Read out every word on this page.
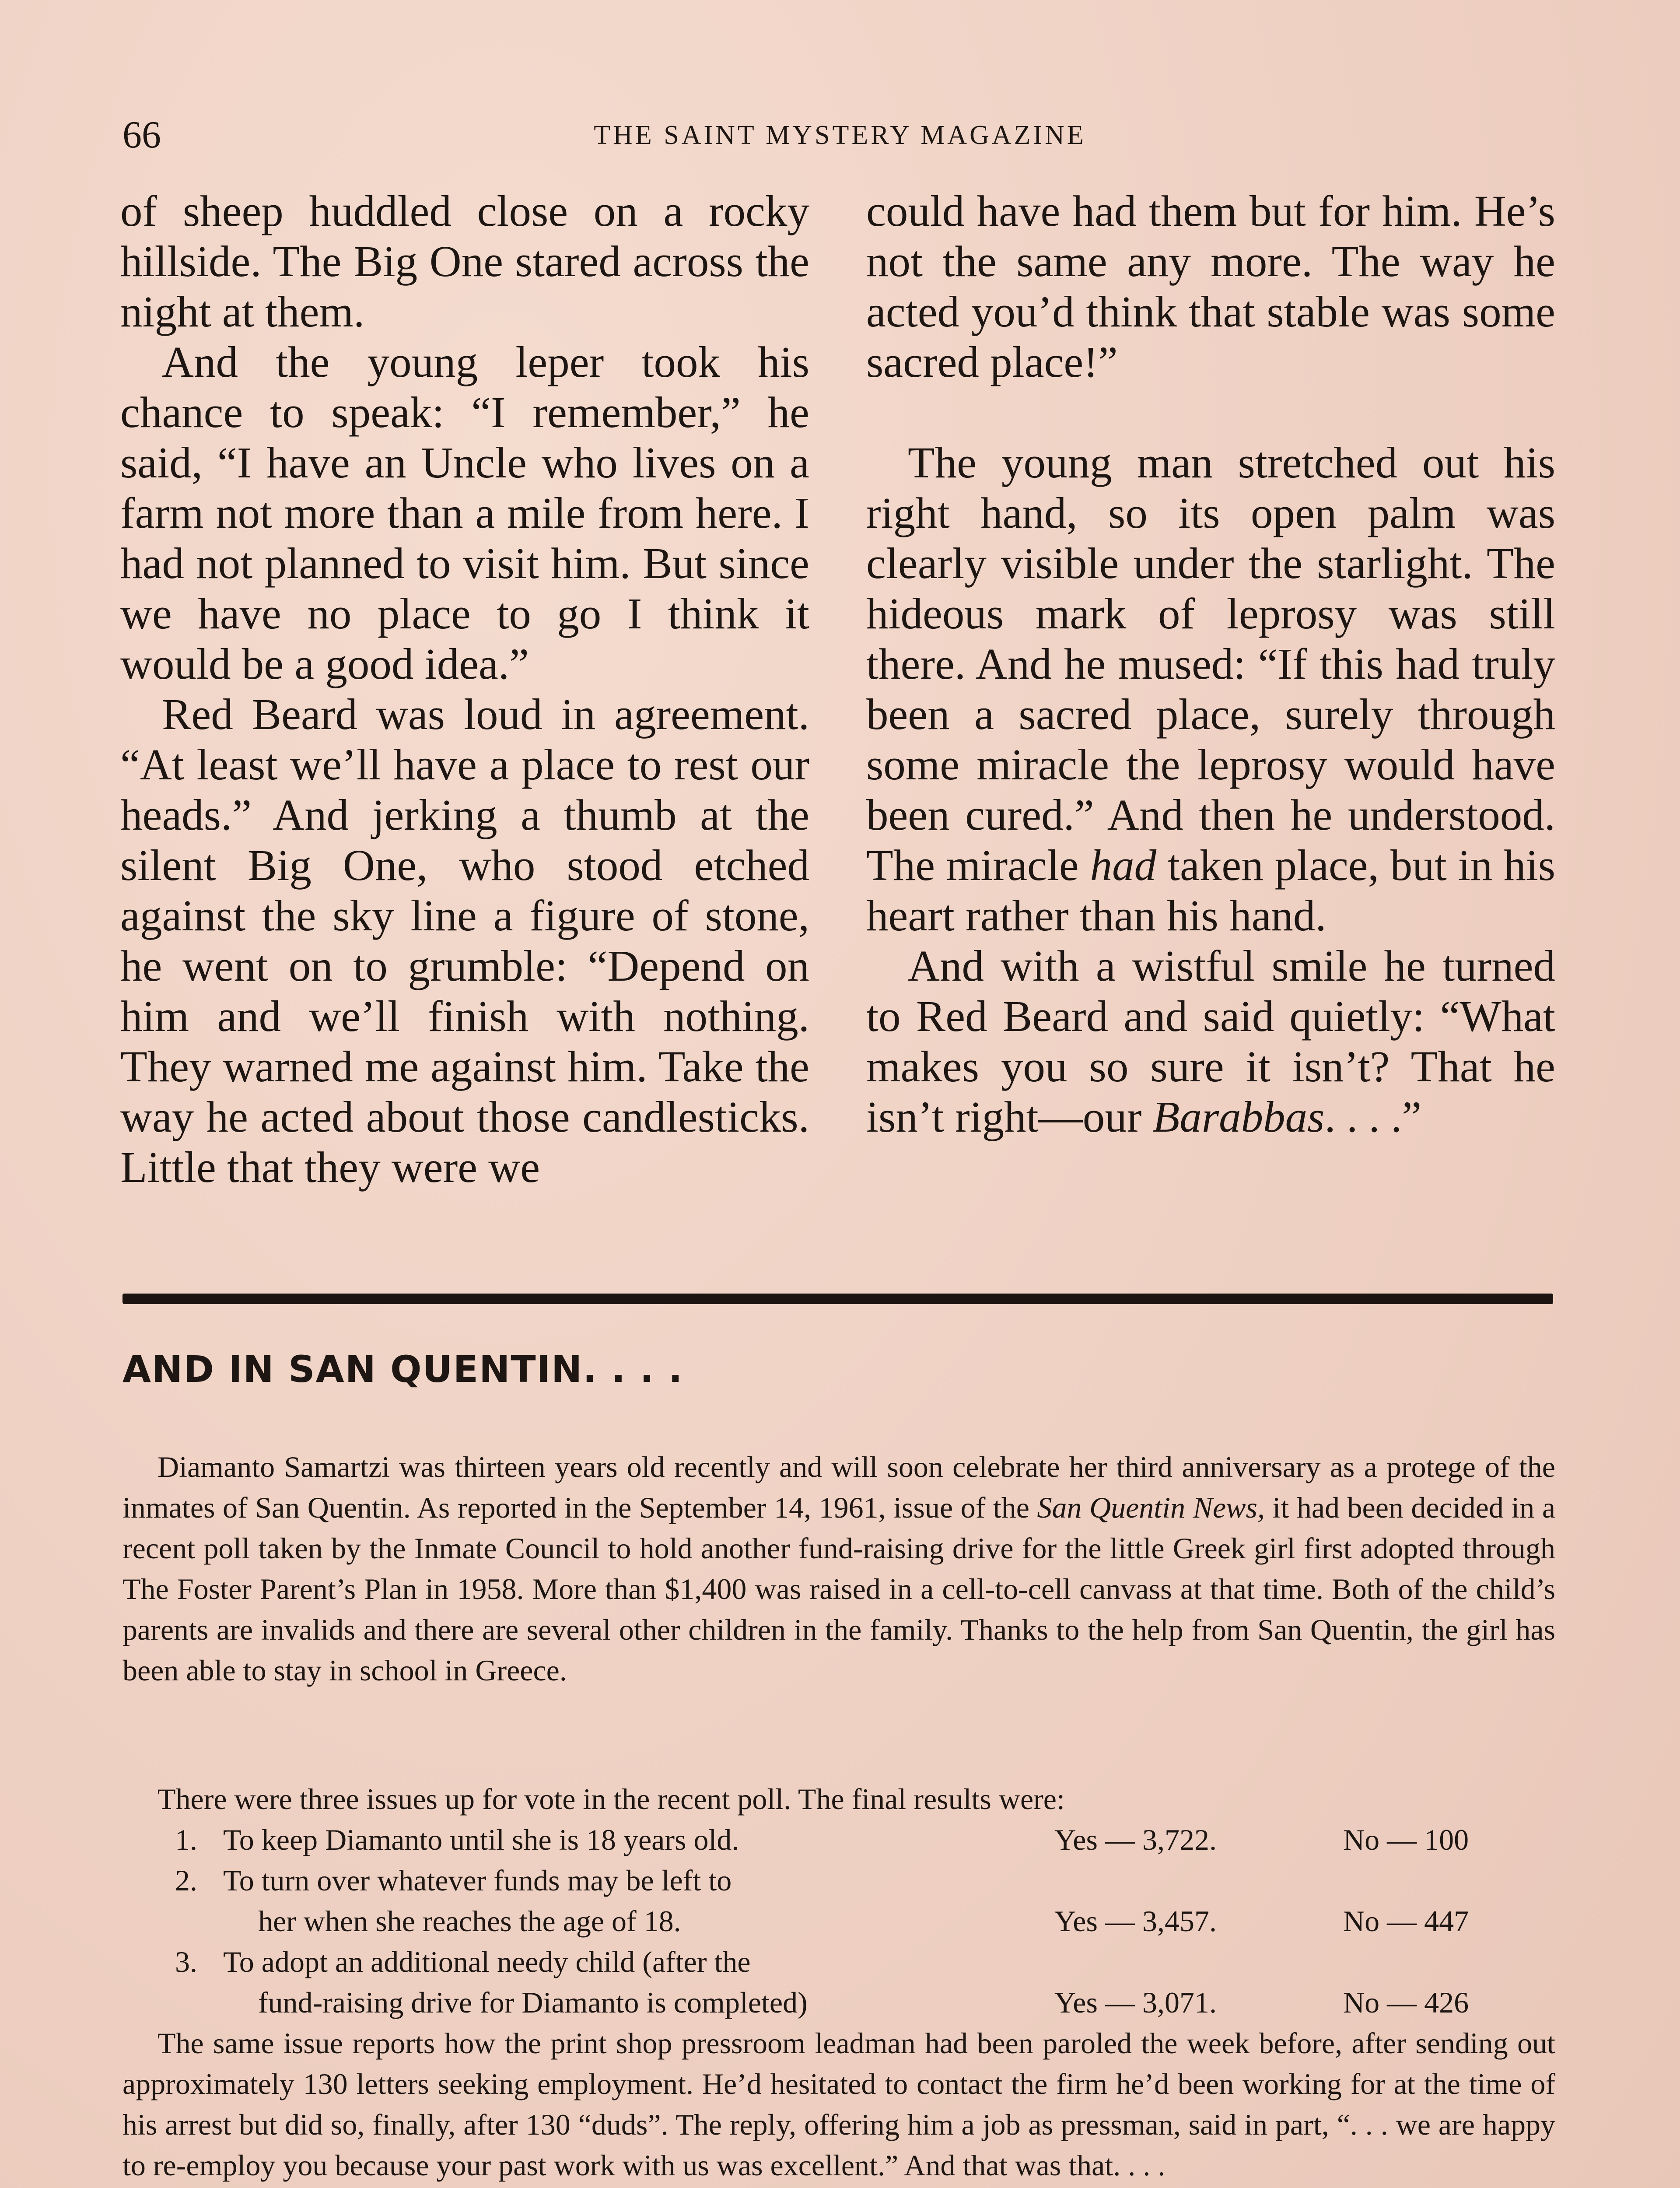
66	THE SAINT MYSTERY MAGAZINE

of sheep huddled close on a rocky hillside. The Big One stared across the night at them.

And the young leper took his chance to speak: “I remember,” he said, “I have an Uncle who lives on a farm not more than a mile from here. I had not planned to visit him. But since we have no place to go I think it would be a good idea.”

Red Beard was loud in agreement. “At least we’ll have a place to rest our heads.” And jerking a thumb at the silent Big One, who stood etched against the sky line a figure of stone, he went on to grumble: “Depend on him and we’ll finish with nothing. They warned me against him. Take the way he acted about those candlesticks. Little that they were we

could have had them but for him. He’s not the same any more. The way he acted you’d think that stable was some sacred place!”

The young man stretched out his right hand, so its open palm was clearly visible under the starlight. The hideous mark of leprosy was still there. And he mused: “If this had truly been a sacred place, surely through some miracle the leprosy would have been cured.” And then he understood. The miracle had taken place, but in his heart rather than his hand.

And with a wistful smile he turned to Red Beard and said quietly: “What makes you so sure it isn’t? That he isn’t right—our Barabbas. . . .”

AND IN SAN QUENTIN. . . .
Diamanto Samartzi was thirteen years old recently and will soon celebrate her third anniversary as a protege of the inmates of San Quentin. As reported in the September 14, 1961, issue of the San Quentin News, it had been decided in a recent poll taken by the Inmate Council to hold another fund-raising drive for the little Greek girl first adopted through The Foster Parent’s Plan in 1958. More than $1,400 was raised in a cell-to-cell canvass at that time. Both of the child’s parents are invalids and there are several other children in the family. Thanks to the help from San Quentin, the girl has been able to stay in school in Greece.
There were three issues up for vote in the recent poll. The final results were:
1. To keep Diamanto until she is 18 years old.	Yes — 3,722.	No — 100
2. To turn over whatever funds may be left to
her when she reaches the age of 18.	Yes — 3,457.	No — 447
3. To adopt an additional needy child (after the
fund-raising drive for Diamanto is completed)	Yes — 3,071.	No — 426
The same issue reports how the print shop pressroom leadman had been paroled the week before, after sending out approximately 130 letters seeking employment. He’d hesitated to contact the firm he’d been working for at the time of his arrest but did so, finally, after 130 “duds”. The reply, offering him a job as pressman, said in part, “. . . we are happy to re-employ you because your past work with us was excellent.” And that was that. . . .
